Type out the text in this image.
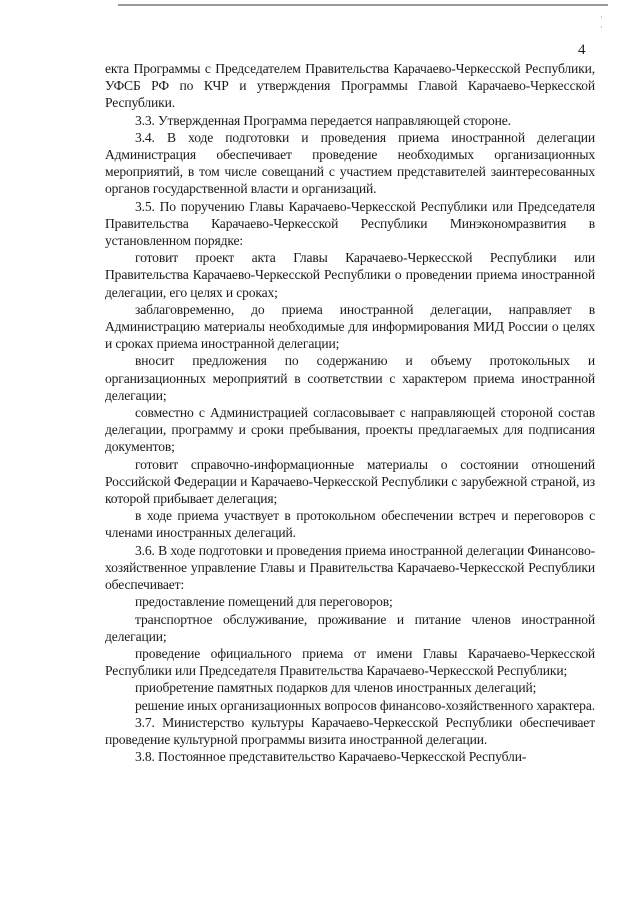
·
·
4

екта Программы с Председателем Правительства Карачаево-Черкесской Республики, УФСБ РФ по КЧР и утверждения Программы Главой Карачаево-Черкесской Республики.

3.3. Утвержденная Программа передается направляющей стороне.

3.4. В ходе подготовки и проведения приема иностранной делегации Администрация обеспечивает проведение необходимых организационных мероприятий, в том числе совещаний с участием представителей заинтересованных органов государственной власти и организаций.

3.5. По поручению Главы Карачаево-Черкесской Республики или Председателя Правительства Карачаево-Черкесской Республики Минэкономразвития в установленном порядке:

готовит проект акта Главы Карачаево-Черкесской Республики или Правительства Карачаево-Черкесской Республики о проведении приема иностранной делегации, его целях и сроках;

заблаговременно, до приема иностранной делегации, направляет в Администрацию материалы необходимые для информирования МИД России о целях и сроках приема иностранной делегации;

вносит предложения по содержанию и объему протокольных и организационных мероприятий в соответствии с характером приема иностранной делегации;

совместно с Администрацией согласовывает с направляющей стороной состав делегации, программу и сроки пребывания, проекты предлагаемых для подписания документов;

готовит справочно-информационные материалы о состоянии отношений Российской Федерации и Карачаево-Черкесской Республики с зарубежной страной, из которой прибывает делегация;

в ходе приема участвует в протокольном обеспечении встреч и переговоров с членами иностранных делегаций.

3.6. В ходе подготовки и проведения приема иностранной делегации Финансово-хозяйственное управление Главы и Правительства Карачаево-Черкесской Республики обеспечивает:

предоставление помещений для переговоров;

транспортное обслуживание, проживание и питание членов иностранной делегации;

проведение официального приема от имени Главы Карачаево-Черкесской Республики или Председателя Правительства Карачаево-Черкесской Республики;

приобретение памятных подарков для членов иностранных делегаций;

решение иных организационных вопросов финансово-хозяйственного характера.

3.7. Министерство культуры Карачаево-Черкесской Республики обеспечивает проведение культурной программы визита иностранной делегации.

3.8. Постоянное представительство Карачаево-Черкесской Республи-
